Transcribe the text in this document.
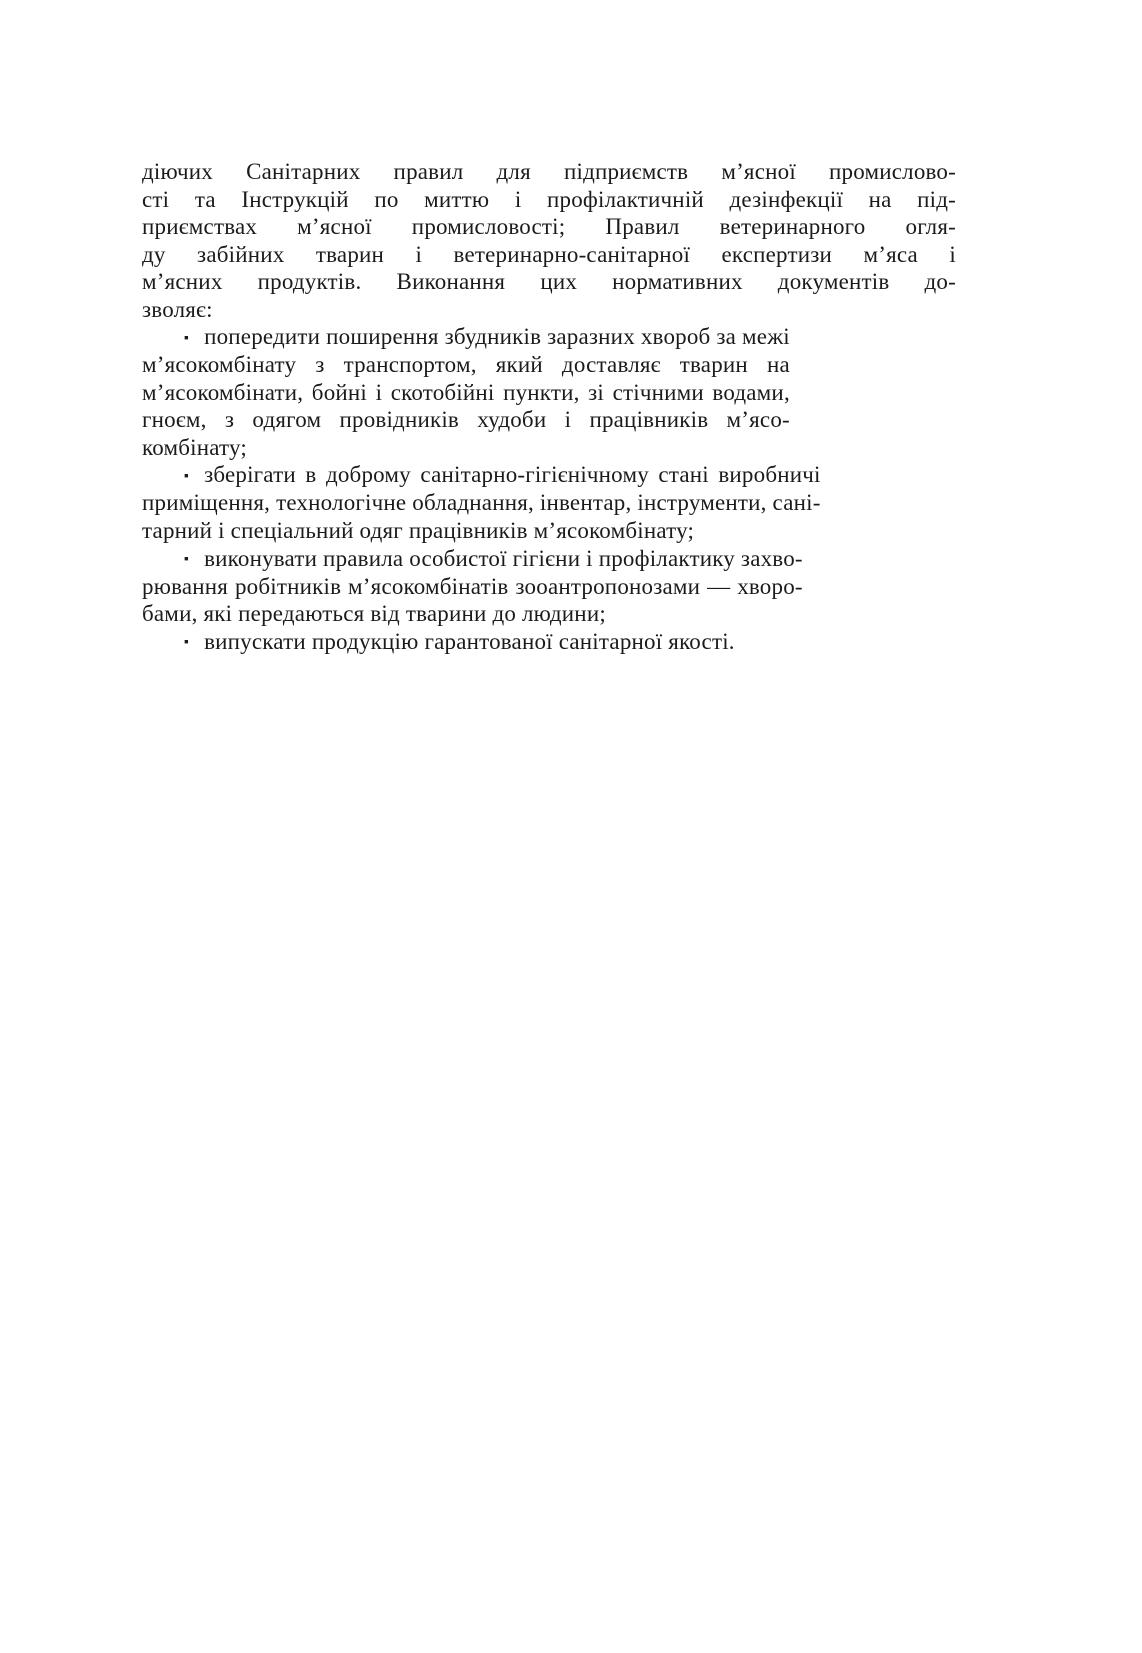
діючих Санітарних правил для підприємств м’ясної промислово-
сті та Інструкцій по миттю і профілактичній дезінфекції на під-
приємствах м’ясної промисловості; Правил ветеринарного огля-
ду забійних тварин і ветеринарно-санітарної експертизи м’яса і
м’ясних продуктів. Виконання цих нормативних документів до-
зволяє:
▪ попередити поширення збудників заразних хвороб за межі
м’ясокомбінату з транспортом, який доставляє тварин на
м’ясокомбінати, бойні і скотобійні пункти, зі стічними водами,
гноєм, з одягом провідників худоби і працівників м’ясо-
комбінату;
▪ зберігати в доброму санітарно-гігієнічному стані виробничі
приміщення, технологічне обладнання, інвентар, інструменти, сані-
тарний і спеціальний одяг працівників м’ясокомбінату;
▪ виконувати правила особистої гігієни і профілактику захво-
рювання робітників м’ясокомбінатів зооантропонозами — хворо-
бами, які передаються від тварини до людини;
▪ випускати продукцію гарантованої санітарної якості.
